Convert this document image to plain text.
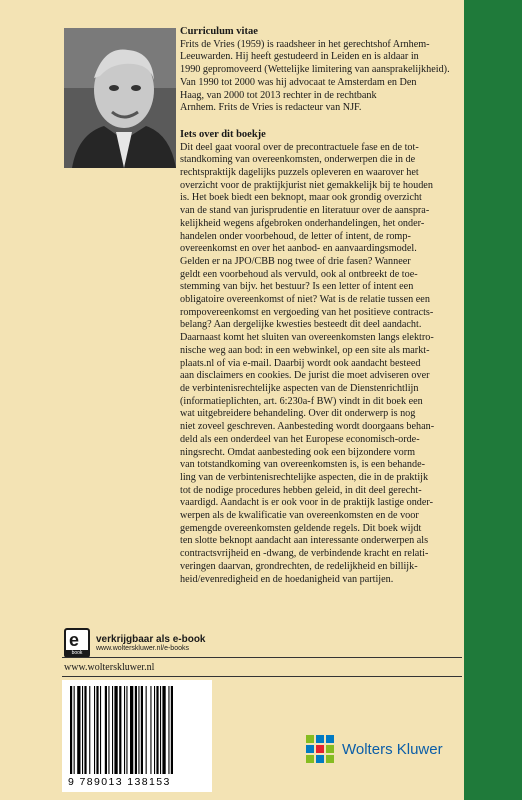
Curriculum vitae

Frits de Vries (1959) is raadsheer in het gerechtshof Arnhem-

Leeuwarden. Hij heeft gestudeerd in Leiden en is aldaar in

1990 gepromoveerd (Wettelijke limitering van aansprakelijkheid).

Van 1990 tot 2000 was hij advocaat te Amsterdam en Den

Haag, van 2000 tot 2013 rechter in de rechtbank

Arnhem. Frits de Vries is redacteur van NJF.

Iets over dit boekje

Dit deel gaat vooral over de precontractuele fase en de tot-

standkoming van overeenkomsten, onderwerpen die in de

rechtspraktijk dagelijks puzzels opleveren en waarover het

overzicht voor de praktijkjurist niet gemakkelijk bij te houden

is. Het boek biedt een beknopt, maar ook grondig overzicht

van de stand van jurisprudentie en literatuur over de aanspra-

kelijkheid wegens afgebroken onderhandelingen, het onder-

handelen onder voorbehoud, de letter of intent, de romp-

overeenkomst en over het aanbod- en aanvaardingsmodel.

Gelden er na JPO/CBB nog twee of drie fasen? Wanneer

geldt een voorbehoud als vervuld, ook al ontbreekt de toe-

stemming van bijv. het bestuur? Is een letter of intent een

obligatoire overeenkomst of niet? Wat is de relatie tussen een

rompovereenkomst en vergoeding van het positieve contracts-

belang? Aan dergelijke kwesties besteedt dit deel aandacht.

Daarnaast komt het sluiten van overeenkomsten langs elektro-

nische weg aan bod: in een webwinkel, op een site als markt-

plaats.nl of via e-mail. Daarbij wordt ook aandacht besteed

aan disclaimers en cookies. De jurist die moet adviseren over

de verbintenisrechtelijke aspecten van de Dienstenrichtlijn

(informatieplichten, art. 6:230a-f BW) vindt in dit boek een

wat uitgebreidere behandeling. Over dit onderwerp is nog

niet zoveel geschreven. Aanbesteding wordt doorgaans behan-

deld als een onderdeel van het Europese economisch-orde-

ningsrecht. Omdat aanbesteding ook een bijzondere vorm

van totstandkoming van overeenkomsten is, is een behande-

ling van de verbintenisrechtelijke aspecten, die in de praktijk

tot de nodige procedures hebben geleid, in dit deel gerecht-

vaardigd. Aandacht is er ook voor in de praktijk lastige onder-

werpen als de kwalificatie van overeenkomsten en de voor

gemengde overeenkomsten geldende regels. Dit boek wijdt

ten slotte beknopt aandacht aan interessante onderwerpen als

contractsvrijheid en -dwang, de verbindende kracht en relati-

veringen daarvan, grondrechten, de redelijkheid en billijk-

heid/evenredigheid en de hoedanigheid van partijen.

e
book
verkrijgbaar als e-book
www.wolterskluwer.nl/e-books
www.wolterskluwer.nl
9 789013 138153
Wolters Kluwer
